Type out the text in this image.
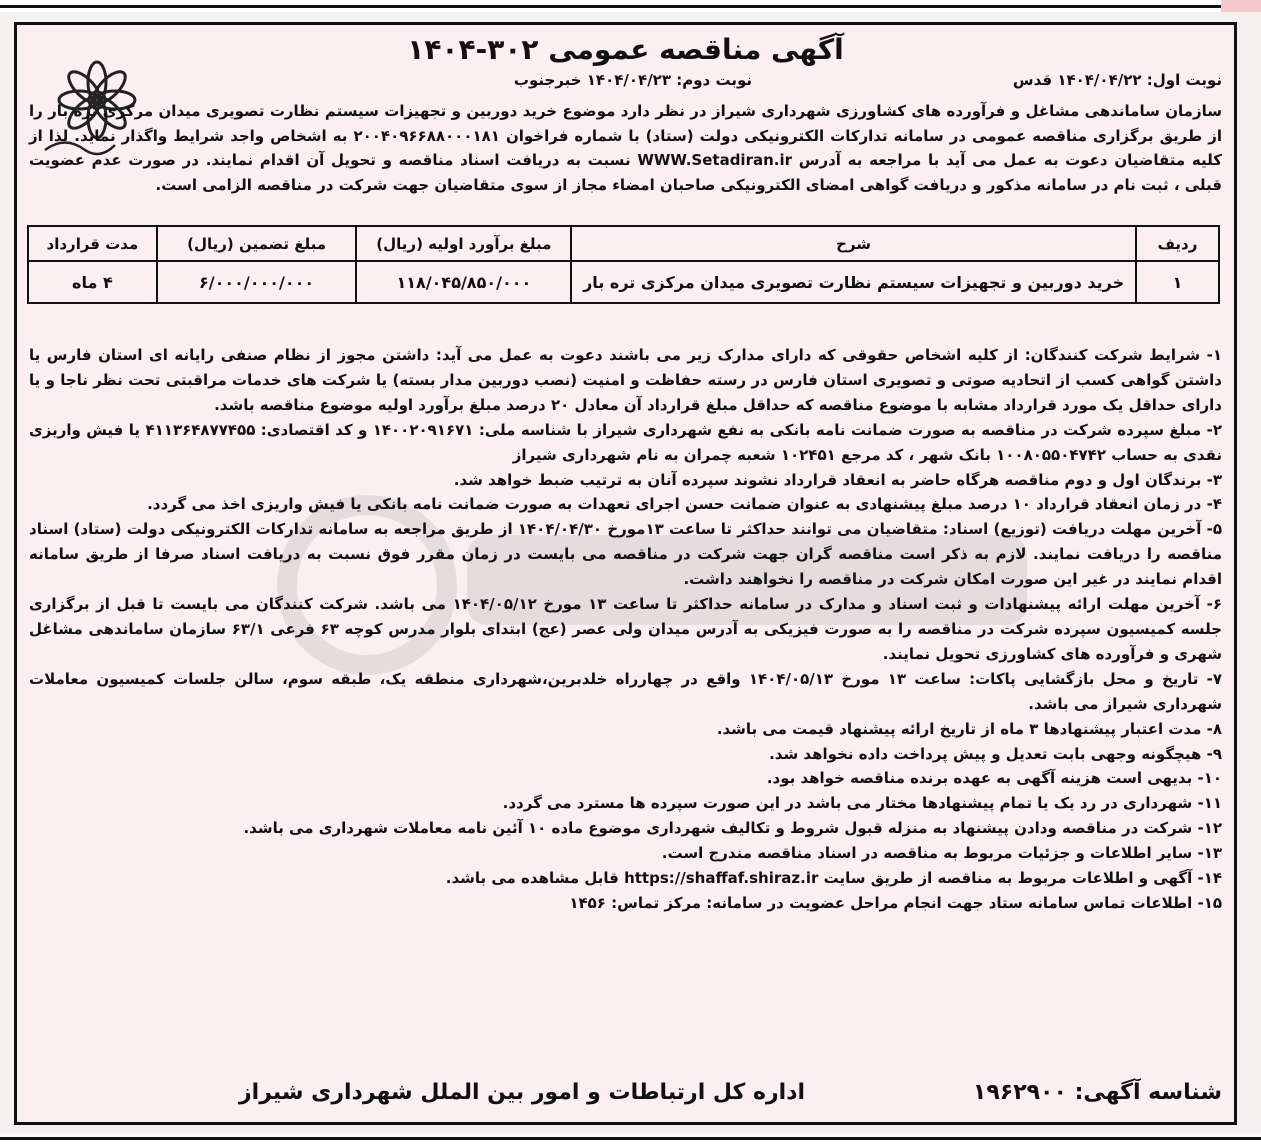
آگهی مناقصه عمومی ۳۰۲-۱۴۰۴
نوبت اول: ۱۴۰۴/۰۴/۲۲ قدس
نوبت دوم: ۱۴۰۴/۰۴/۲۳ خبرجنوب
سازمان ساماندهی مشاغل و فرآورده های کشاورزی شهرداری شیراز در نظر دارد موضوع خرید دوربین و تجهیزات سیستم نظارت تصویری میدان مرکزی تره بار را از طریق برگزاری مناقصه عمومی در سامانه تدارکات الکترونیکی دولت (ستاد) با شماره فراخوان ۲۰۰۴۰۹۶۶۸۸۰۰۰۱۸۱ به اشخاص واجد شرایط واگذار نماید. لذا از کلیه متقاضیان دعوت به عمل می آید با مراجعه به آدرس WWW.Setadiran.ir نسبت به دریافت اسناد مناقصه و تحویل آن اقدام نمایند. در صورت عدم عضویت قبلی ، ثبت نام در سامانه مذکور و دریافت گواهی امضای الکترونیکی صاحبان امضاء مجاز از سوی متقاضیان جهت شرکت در مناقصه الزامی است.
ردیف	شرح	مبلغ برآورد اولیه (ریال)	مبلغ تضمین (ریال)	مدت قرارداد
۱	خرید دوربین و تجهیزات سیستم نظارت تصویری میدان مرکزی تره بار	۱۱۸/۰۴۵/۸۵۰/۰۰۰	۶/۰۰۰/۰۰۰/۰۰۰	۴ ماه

۱- شرایط شرکت کنندگان: از کلیه اشخاص حقوقی که دارای مدارک زیر می باشند دعوت به عمل می آید: داشتن مجوز از نظام صنفی رایانه ای استان فارس یا داشتن گواهی کسب از اتحادیه صوتی و تصویری استان فارس در رسته حفاظت و امنیت (نصب دوربین مدار بسته) یا شرکت های خدمات مراقبتی تحت نظر ناجا و یا دارای حداقل یک مورد قرارداد مشابه با موضوع مناقصه که حداقل مبلغ قرارداد آن معادل ۲۰ درصد مبلغ برآورد اولیه موضوع مناقصه باشد.

۲- مبلغ سپرده شرکت در مناقصه به صورت ضمانت نامه بانکی به نفع شهرداری شیراز با شناسه ملی: ۱۴۰۰۲۰۹۱۶۷۱ و کد اقتصادی: ۴۱۱۳۶۴۸۷۷۴۵۵ یا فیش واریزی نقدی به حساب ۱۰۰۸۰۵۵۰۴۷۴۲ بانک شهر ، کد مرجع ۱۰۲۴۵۱ شعبه چمران به نام شهرداری شیراز

۳- برندگان اول و دوم مناقصه هرگاه حاضر به انعقاد قرارداد نشوند سپرده آنان به ترتیب ضبط خواهد شد.

۴- در زمان انعقاد قرارداد ۱۰ درصد مبلغ پیشنهادی به عنوان ضمانت حسن اجرای تعهدات به صورت ضمانت نامه بانکی یا فیش واریزی اخذ می گردد.

۵- آخرین مهلت دریافت (توزیع) اسناد: متقاضیان می توانند حداکثر تا ساعت ۱۳مورخ ۱۴۰۴/۰۴/۳۰ از طریق مراجعه به سامانه تدارکات الکترونیکی دولت (ستاد) اسناد مناقصه را دریافت نمایند. لازم به ذکر است مناقصه گران جهت شرکت در مناقصه می بایست در زمان مقرر فوق نسبت به دریافت اسناد صرفا از طریق سامانه اقدام نمایند در غیر این صورت امکان شرکت در مناقصه را نخواهند داشت.

۶- آخرین مهلت ارائه پیشنهادات و ثبت اسناد و مدارک در سامانه حداکثر تا ساعت ۱۳ مورخ ۱۴۰۴/۰۵/۱۲ می باشد. شرکت کنندگان می بایست تا قبل از برگزاری جلسه کمیسیون سپرده شرکت در مناقصه را به صورت فیزیکی به آدرس میدان ولی عصر (عج) ابتدای بلوار مدرس کوچه ۶۳ فرعی ۶۳/۱ سازمان ساماندهی مشاغل شهری و فرآورده های کشاورزی تحویل نمایند.

۷- تاریخ و محل بازگشایی پاکات: ساعت ۱۳ مورخ ۱۴۰۴/۰۵/۱۳ واقع در چهارراه خلدبرین،شهرداری منطقه یک، طبقه سوم، سالن جلسات کمیسیون معاملات شهرداری شیراز می باشد.

۸- مدت اعتبار پیشنهادها ۳ ماه از تاریخ ارائه پیشنهاد قیمت می باشد.

۹- هیچگونه وجهی بابت تعدیل و پیش پرداخت داده نخواهد شد.

۱۰- بدیهی است هزینه آگهی به عهده برنده مناقصه خواهد بود.

۱۱- شهرداری در رد یک یا تمام پیشنهادها مختار می باشد در این صورت سپرده ها مسترد می گردد.

۱۲- شرکت در مناقصه ودادن پیشنهاد به منزله قبول شروط و تکالیف شهرداری موضوع ماده ۱۰ آئین نامه معاملات شهرداری می باشد.

۱۳- سایر اطلاعات و جزئیات مربوط به مناقصه در اسناد مناقصه مندرج است.

۱۴- آگهی و اطلاعات مربوط به مناقصه از طریق سایت https://shaffaf.shiraz.ir قابل مشاهده می باشد.

۱۵- اطلاعات تماس سامانه ستاد جهت انجام مراحل عضویت در سامانه: مرکز تماس: ۱۴۵۶

شناسه آگهی: ۱۹۶۲۹۰۰
اداره کل ارتباطات و امور بین الملل شهرداری شیراز
